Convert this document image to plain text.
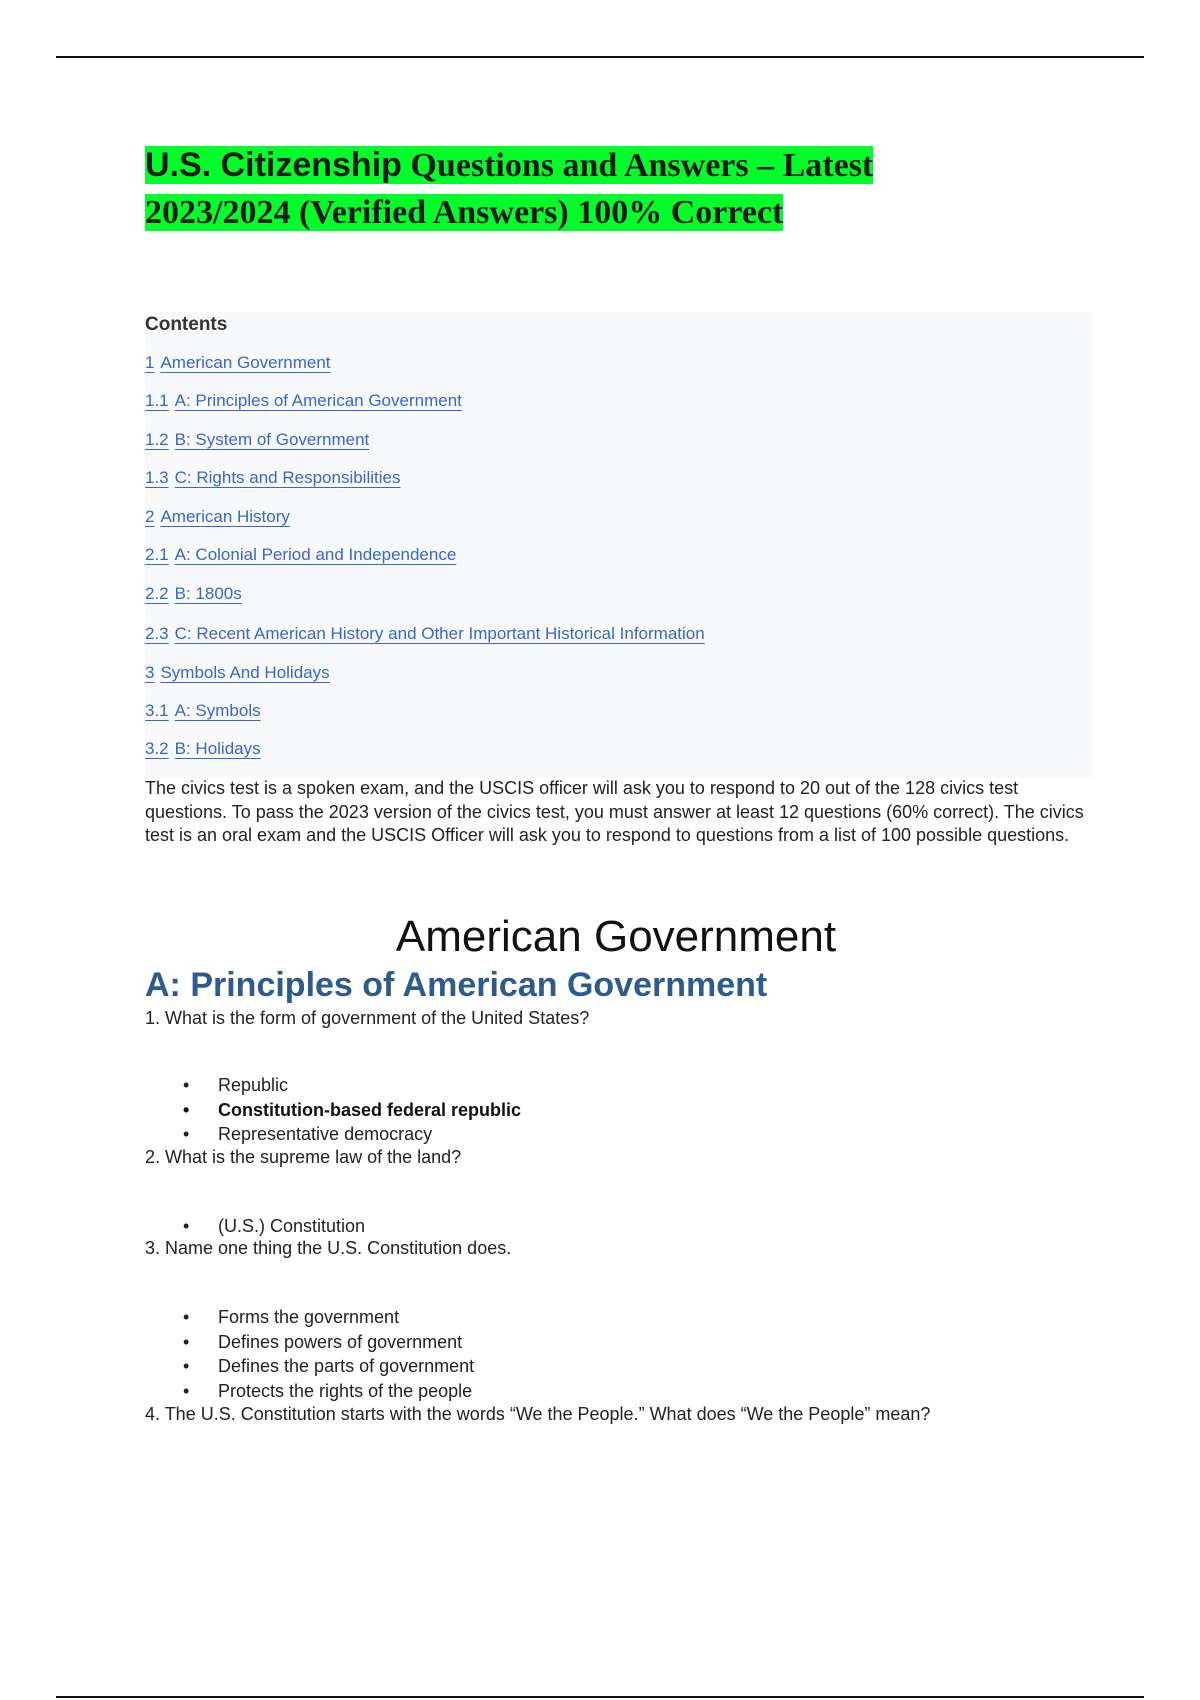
U.S. Citizenship Questions and Answers – Latest
2023/2024 (Verified Answers) 100% Correct
Contents
1 American Government
1.1 A: Principles of American Government
1.2 B: System of Government
1.3 C: Rights and Responsibilities
2 American History
2.1 A: Colonial Period and Independence
2.2 B: 1800s
2.3 C: Recent American History and Other Important Historical Information
3 Symbols And Holidays
3.1 A: Symbols
3.2 B: Holidays
The civics test is a spoken exam, and the USCIS officer will ask you to respond to 20 out of the 128 civics test questions. To pass the 2023 version of the civics test, you must answer at least 12 questions (60% correct). The civics test is an oral exam and the USCIS Officer will ask you to respond to questions from a list of 100 possible questions.
American Government
A: Principles of American Government
1. What is the form of government of the United States?
• Republic
• Constitution-based federal republic
• Representative democracy
2. What is the supreme law of the land?
• (U.S.) Constitution
3. Name one thing the U.S. Constitution does.
• Forms the government
• Defines powers of government
• Defines the parts of government
• Protects the rights of the people
4. The U.S. Constitution starts with the words “We the People.” What does “We the People” mean?
